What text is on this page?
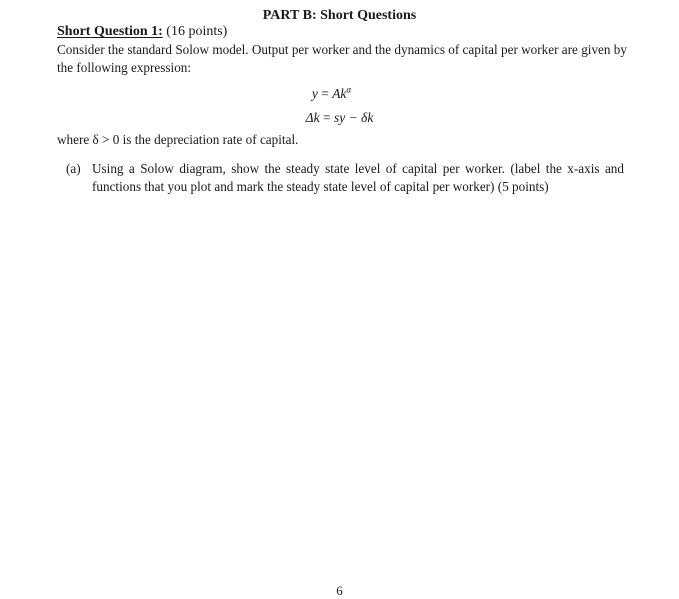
PART B: Short Questions
Short Question 1: (16 points)
Consider the standard Solow model. Output per worker and the dynamics of capital per worker are given by the following expression:
$y = Ak^\alpha$
Δk = sy − δk
where δ > 0 is the depreciation rate of capital.
(a) Using a Solow diagram, show the steady state level of capital per worker. (label the x-axis and functions that you plot and mark the steady state level of capital per worker) (5 points)
6
